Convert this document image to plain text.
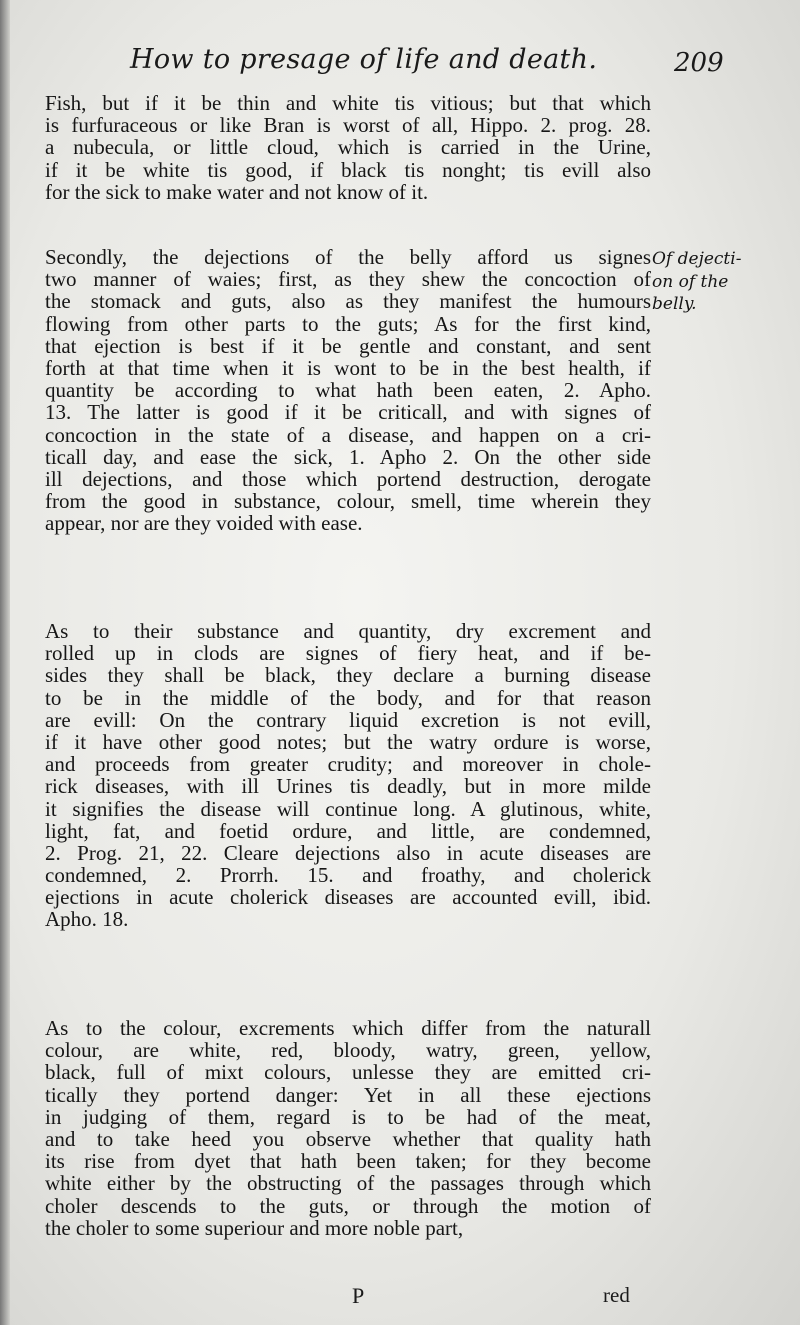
How to presage of life and death.	209
Fish, but if it be thin and white tis vitious; but that which
is furfuraceous or like Bran is worst of all, Hippo. 2. prog. 28.
a nubecula, or little cloud, which is carried in the Urine,
if it be white tis good, if black tis nonght; tis evill also
for the sick to make water and not know of it.
Secondly, the dejections of the belly afford us signes
two manner of waies; first, as they shew the concoction of
the stomack and guts, also as they manifest the humours
flowing from other parts to the guts; As for the first kind,
that ejection is best if it be gentle and constant, and sent
forth at that time when it is wont to be in the best health, if
quantity be according to what hath been eaten, 2. Apho.
13. The latter is good if it be criticall, and with signes of
concoction in the state of a disease, and happen on a cri-
ticall day, and ease the sick, 1. Apho 2. On the other side
ill dejections, and those which portend destruction, derogate
from the good in substance, colour, smell, time wherein they
appear, nor are they voided with ease.
As to their substance and quantity, dry excrement and
rolled up in clods are signes of fiery heat, and if be-
sides they shall be black, they declare a burning disease
to be in the middle of the body, and for that reason
are evill: On the contrary liquid excretion is not evill,
if it have other good notes; but the watry ordure is worse,
and proceeds from greater crudity; and moreover in chole-
rick diseases, with ill Urines tis deadly, but in more milde
it signifies the disease will continue long. A glutinous, white,
light, fat, and foetid ordure, and little, are condemned,
2. Prog. 21, 22. Cleare dejections also in acute diseases are
condemned, 2. Prorrh. 15. and froathy, and cholerick
ejections in acute cholerick diseases are accounted evill, ibid.
Apho. 18.
As to the colour, excrements which differ from the naturall
colour, are white, red, bloody, watry, green, yellow,
black, full of mixt colours, unlesse they are emitted cri-
tically they portend danger: Yet in all these ejections
in judging of them, regard is to be had of the meat,
and to take heed you observe whether that quality hath
its rise from dyet that hath been taken; for they become
white either by the obstructing of the passages through which
choler descends to the guts, or through the motion of
the choler to some superiour and more noble part,
Of dejecti-
on of the
belly.
P	red
